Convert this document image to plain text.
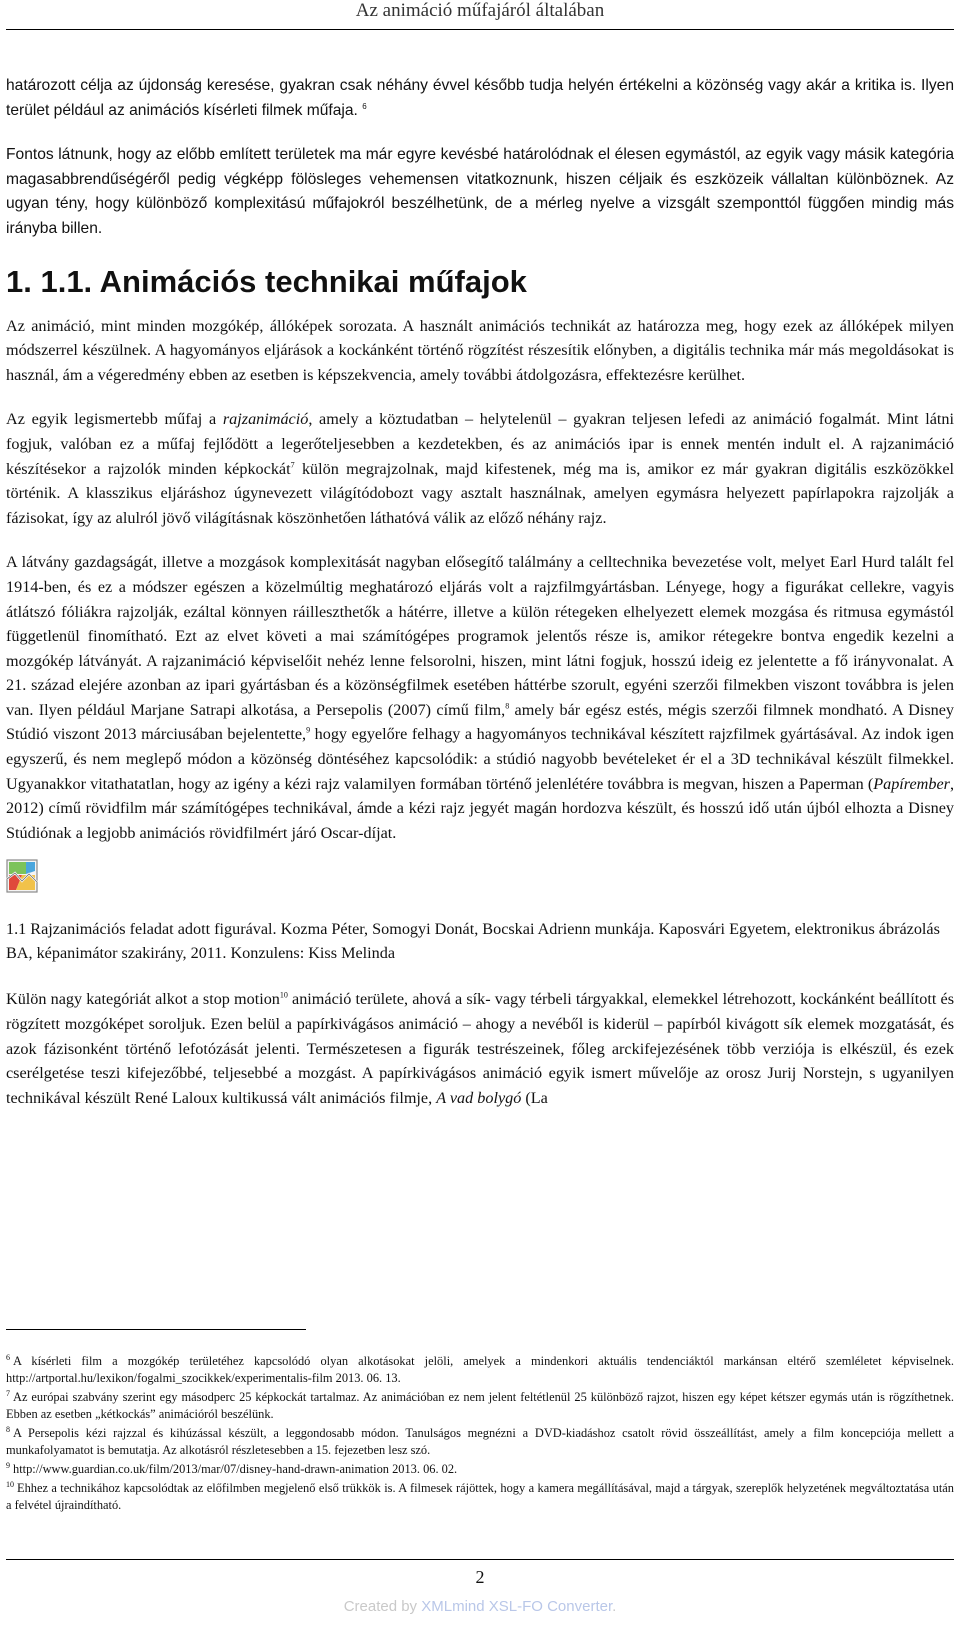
Az animáció műfajáról általában

határozott célja az újdonság keresése, gyakran csak néhány évvel később tudja helyén értékelni a közönség vagy akár a kritika is. Ilyen terület például az animációs kísérleti filmek műfaja. $^6$

Fontos látnunk, hogy az előbb említett területek ma már egyre kevésbé határolódnak el élesen egymástól, az egyik vagy másik kategória magasabbrendűségéről pedig végképp fölösleges vehemensen vitatkoznunk, hiszen céljaik és eszközeik vállaltan különböznek. Az ugyan tény, hogy különböző komplexitású műfajokról beszélhetünk, de a mérleg nyelve a vizsgált szemponttól függően mindig más irányba billen.

1. 1.1. Animációs technikai műfajok

Az animáció, mint minden mozgókép, állóképek sorozata. A használt animációs technikát az határozza meg, hogy ezek az állóképek milyen módszerrel készülnek. A hagyományos eljárások a kockánként történő rögzítést részesítik előnyben, a digitális technika már más megoldásokat is használ, ám a végeredmény ebben az esetben is képszekvencia, amely további átdolgozásra, effektezésre kerülhet.

Az egyik legismertebb műfaj a rajzanimáció, amely a köztudatban – helytelenül – gyakran teljesen lefedi az animáció fogalmát. Mint látni fogjuk, valóban ez a műfaj fejlődött a legerőteljesebben a kezdetekben, és az animációs ipar is ennek mentén indult el. A rajzanimáció készítésekor a rajzolók minden képkockát$^7$ külön megrajzolnak, majd kifestenek, még ma is, amikor ez már gyakran digitális eszközökkel történik. A klasszikus eljáráshoz úgynevezett világítódobozt vagy asztalt használnak, amelyen egymásra helyezett papírlapokra rajzolják a fázisokat, így az alulról jövő világításnak köszönhetően láthatóvá válik az előző néhány rajz.

A látvány gazdagságát, illetve a mozgások komplexitását nagyban elősegítő találmány a celltechnika bevezetése volt, melyet Earl Hurd talált fel 1914-ben, és ez a módszer egészen a közelmúltig meghatározó eljárás volt a rajzfilmgyártásban. Lényege, hogy a figurákat cellekre, vagyis átlátszó fóliákra rajzolják, ezáltal könnyen ráilleszthetők a hátérre, illetve a külön rétegeken elhelyezett elemek mozgása és ritmusa egymástól függetlenül finomítható. Ezt az elvet követi a mai számítógépes programok jelentős része is, amikor rétegekre bontva engedik kezelni a mozgókép látványát. A rajzanimáció képviselőit nehéz lenne felsorolni, hiszen, mint látni fogjuk, hosszú ideig ez jelentette a fő irányvonalat. A 21. század elejére azonban az ipari gyártásban és a közönségfilmek esetében háttérbe szorult, egyéni szerzői filmekben viszont továbbra is jelen van. Ilyen például Marjane Satrapi alkotása, a Persepolis (2007) című film,$^8$ amely bár egész estés, mégis szerzői filmnek mondható. A Disney Stúdió viszont 2013 márciusában bejelentette,$^9$ hogy egyelőre felhagy a hagyományos technikával készített rajzfilmek gyártásával. Az indok igen egyszerű, és nem meglepő módon a közönség döntéséhez kapcsolódik: a stúdió nagyobb bevételeket ér el a 3D technikával készült filmekkel. Ugyanakkor vitathatatlan, hogy az igény a kézi rajz valamilyen formában történő jelenlétére továbbra is megvan, hiszen a Paperman (Papírember, 2012) című rövidfilm már számítógépes technikával, ámde a kézi rajz jegyét magán hordozva készült, és hosszú idő után újból elhozta a Disney Stúdiónak a legjobb animációs rövidfilmért járó Oscar-díjat.

1.1 Rajzanimációs feladat adott figurával. Kozma Péter, Somogyi Donát, Bocskai Adrienn munkája. Kaposvári Egyetem, elektronikus ábrázolás BA, képanimátor szakirány, 2011. Konzulens: Kiss Melinda

Külön nagy kategóriát alkot a stop motion$^{10}$ animáció területe, ahová a sík- vagy térbeli tárgyakkal, elemekkel létrehozott, kockánként beállított és rögzített mozgóképet soroljuk. Ezen belül a papírkivágásos animáció – ahogy a nevéből is kiderül – papírból kivágott sík elemek mozgatását, és azok fázisonként történő lefotózását jelenti. Természetesen a figurák testrészeinek, főleg arckifejezésének több verziója is elkészül, és ezek cserélgetése teszi kifejezőbbé, teljesebbé a mozgást. A papírkivágásos animáció egyik ismert művelője az orosz Jurij Norstejn, s ugyanilyen technikával készült René Laloux kultikussá vált animációs filmje, A vad bolygó (La

$^6$ A kísérleti film a mozgókép területéhez kapcsolódó olyan alkotásokat jelöli, amelyek a mindenkori aktuális tendenciáktól markánsan eltérő szemléletet képviselnek. http://artportal.hu/lexikon/fogalmi_szocikkek/experimentalis-film 2013. 06. 13.

$^7$ Az európai szabvány szerint egy másodperc 25 képkockát tartalmaz. Az animációban ez nem jelent feltétlenül 25 különböző rajzot, hiszen egy képet kétszer egymás után is rögzíthetnek. Ebben az esetben „kétkockás” animációról beszélünk.

$^8$ A Persepolis kézi rajzzal és kihúzással készült, a leggondosabb módon. Tanulságos megnézni a DVD-kiadáshoz csatolt rövid összeállítást, amely a film koncepciója mellett a munkafolyamatot is bemutatja. Az alkotásról részletesebben a 15. fejezetben lesz szó.

$^9$ http://www.guardian.co.uk/film/2013/mar/07/disney-hand-drawn-animation 2013. 06. 02.

$^{10}$ Ehhez a technikához kapcsolódtak az előfilmben megjelenő első trükkök is. A filmesek rájöttek, hogy a kamera megállításával, majd a tárgyak, szereplők helyzetének megváltoztatása után a felvétel újraindítható.

2
Created by XMLmind XSL-FO Converter.
